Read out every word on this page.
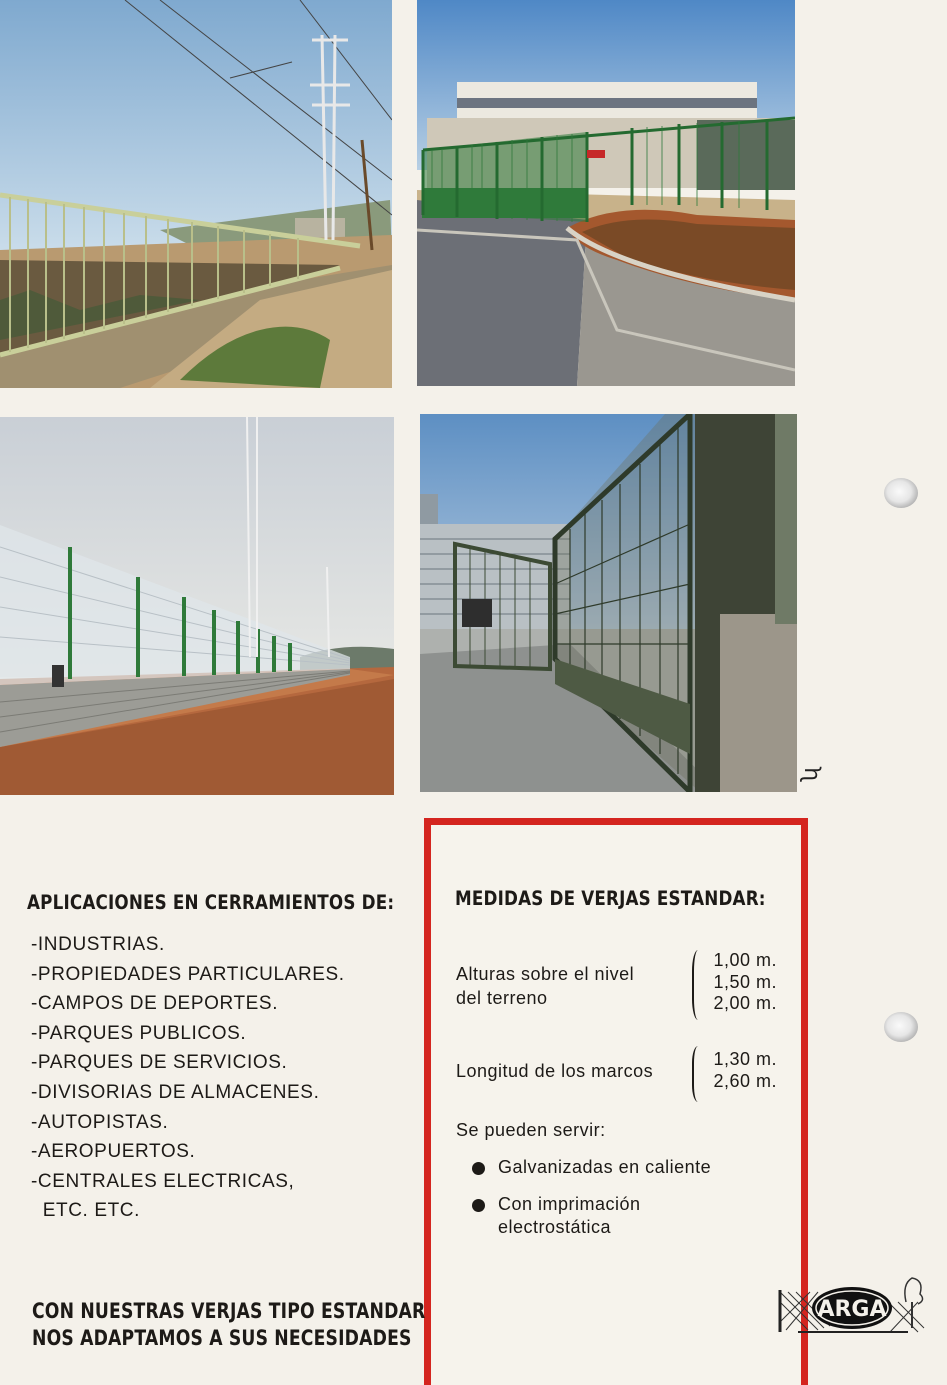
ʯ
APLICACIONES EN CERRAMIENTOS DE:
-INDUSTRIAS.
-PROPIEDADES PARTICULARES.
-CAMPOS DE DEPORTES.
-PARQUES PUBLICOS.
-PARQUES DE SERVICIOS.
-DIVISORIAS DE ALMACENES.
-AUTOPISTAS.
-AEROPUERTOS.
-CENTRALES ELECTRICAS,
ETC. ETC.
MEDIDAS DE VERJAS ESTANDAR:
Alturas sobre el nivel
del terreno
1,00 m.
1,50 m.
2,00 m.
Longitud de los marcos
1,30 m.
2,60 m.
Se pueden servir:
Galvanizadas en caliente
Con imprimación
electrostática
CON NUESTRAS VERJAS TIPO ESTANDAR
NOS ADAPTAMOS A SUS NECESIDADES
ARGA
